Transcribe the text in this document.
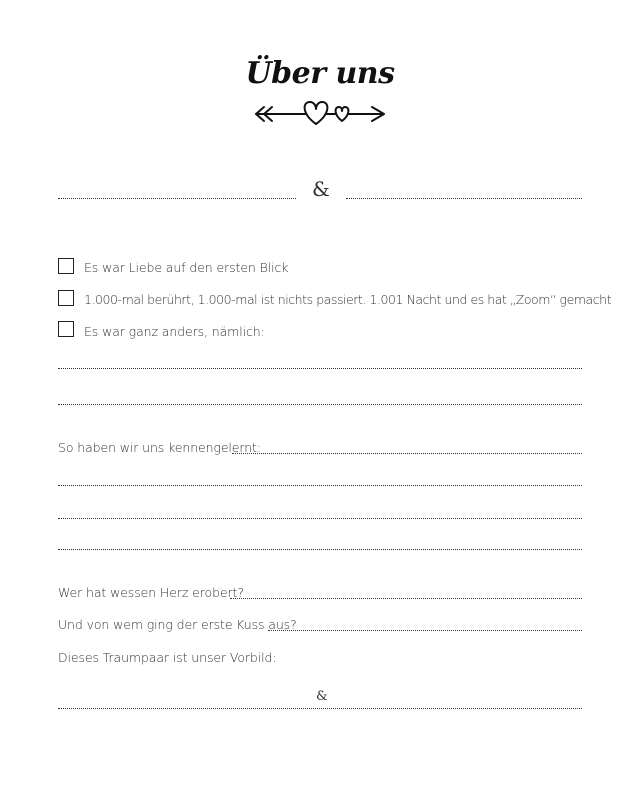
Über uns
&
Es war Liebe auf den ersten Blick
1.000-mal berührt, 1.000-mal ist nichts passiert. 1.001 Nacht und es hat „Zoom“ gemacht
Es war ganz anders, nämlich:
So haben wir uns kennengelernt:
Wer hat wessen Herz erobert?
Und von wem ging der erste Kuss aus?
Dieses Traumpaar ist unser Vorbild:
&
